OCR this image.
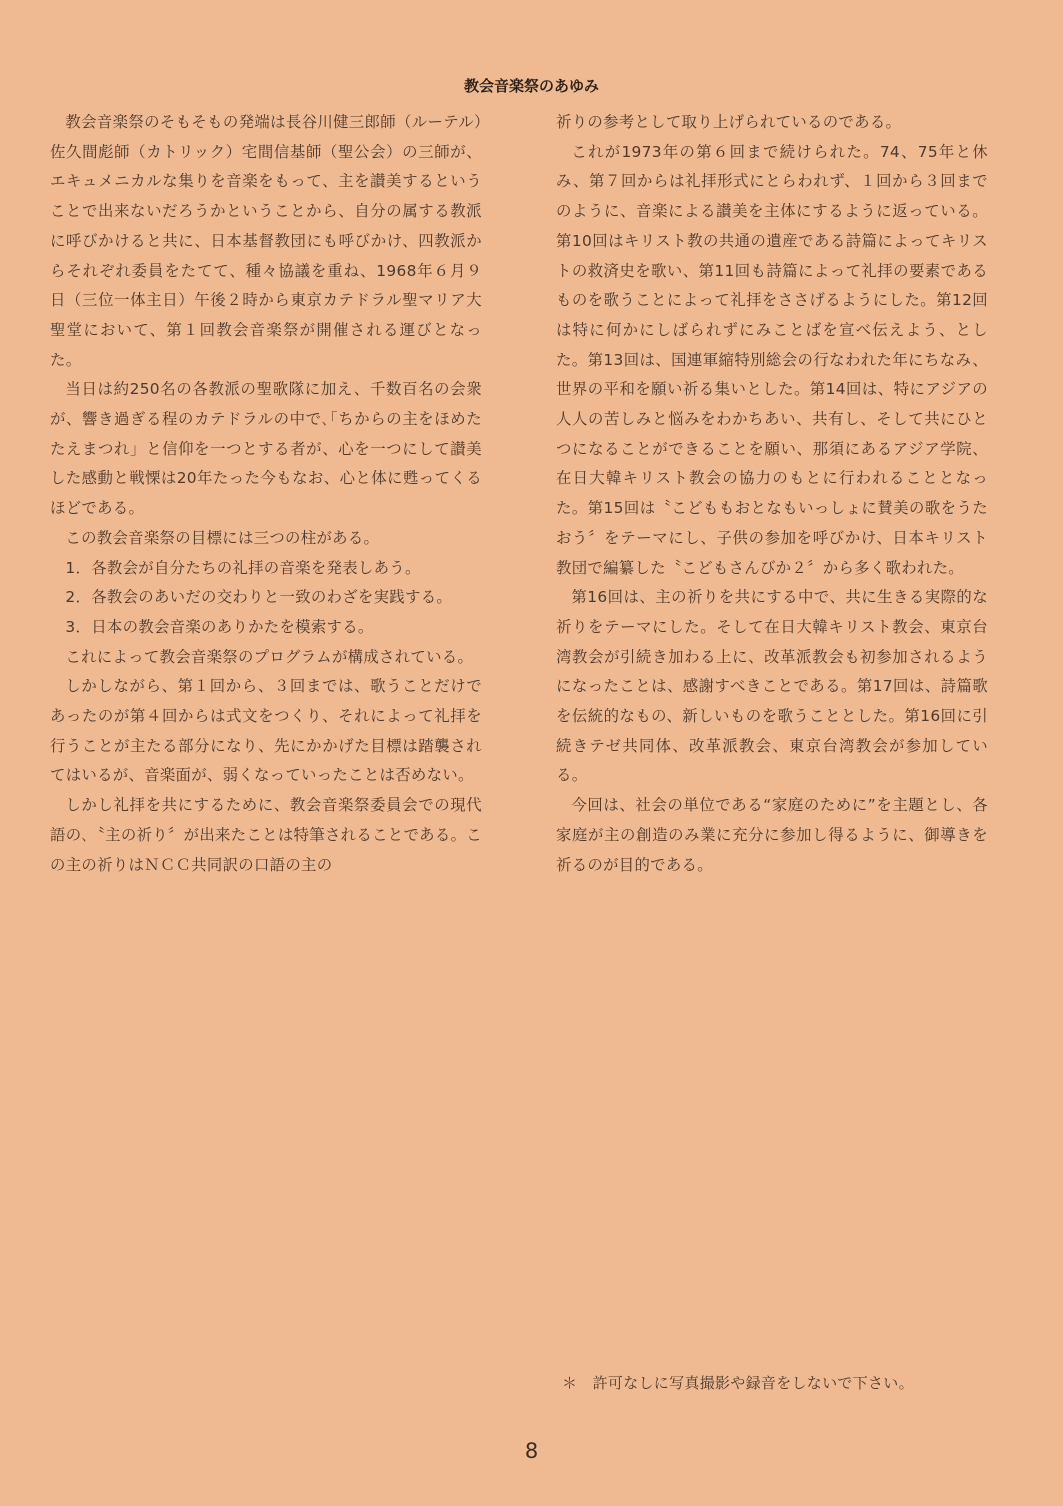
教会音楽祭のあゆみ

教会音楽祭のそもそもの発端は長谷川健三郎師（ルーテル）佐久間彪師（カトリック）宅間信基師（聖公会）の三師が、エキュメニカルな集りを音楽をもって、主を讃美するということで出来ないだろうかということから、自分の属する教派に呼びかけると共に、日本基督教団にも呼びかけ、四教派からそれぞれ委員をたてて、種々協議を重ね、1968年６月９日（三位一体主日）午後２時から東京カテドラル聖マリア大聖堂において、第１回教会音楽祭が開催される運びとなった。

当日は約250名の各教派の聖歌隊に加え、千数百名の会衆が、響き過ぎる程のカテドラルの中で､｢ちからの主をほめたたえまつれ」と信仰を一つとする者が、心を一つにして讃美した感動と戦慄は20年たった今もなお、心と体に甦ってくるほどである。

この教会音楽祭の目標には三つの柱がある。

1．各教会が自分たちの礼拝の音楽を発表しあう。

2．各教会のあいだの交わりと一致のわざを実践する。

3．日本の教会音楽のありかたを模索する。

これによって教会音楽祭のプログラムが構成されている。

しかしながら、第１回から、３回までは、歌うことだけであったのが第４回からは式文をつくり、それによって礼拝を行うことが主たる部分になり、先にかかげた目標は踏襲されてはいるが、音楽面が、弱くなっていったことは否めない。

しかし礼拝を共にするために、教会音楽祭委員会での現代語の､〝主の祈り〞が出来たことは特筆されることである。この主の祈りはＮＣＣ共同訳の口語の主の

祈りの参考として取り上げられているのである。

これが1973年の第６回まで続けられた。74、75年と休み、第７回からは礼拝形式にとらわれず、１回から３回までのように、音楽による讃美を主体にするように返っている。第10回はキリスト教の共通の遺産である詩篇によってキリストの救済史を歌い、第11回も詩篇によって礼拝の要素であるものを歌うことによって礼拝をささげるようにした。第12回は特に何かにしばられずにみことばを宣べ伝えよう、とした。第13回は、国連軍縮特別総会の行なわれた年にちなみ、世界の平和を願い祈る集いとした。第14回は、特にアジアの人人の苦しみと悩みをわかちあい、共有し、そして共にひとつになることができることを願い、那須にあるアジア学院、在日大韓キリスト教会の協力のもとに行われることとなった。第15回は〝こどももおとなもいっしょに賛美の歌をうたおう〞をテーマにし、子供の参加を呼びかけ、日本キリスト教団で編纂した〝こどもさんびか２〞から多く歌われた。

第16回は、主の祈りを共にする中で、共に生きる実際的な祈りをテーマにした。そして在日大韓キリスト教会、東京台湾教会が引続き加わる上に、改革派教会も初参加されるようになったことは、感謝すべきことである。第17回は、詩篇歌を伝統的なもの、新しいものを歌うこととした。第16回に引続きテゼ共同体、改革派教会、東京台湾教会が参加している。

今回は、社会の単位である“家庭のために”を主題とし、各家庭が主の創造のみ業に充分に参加し得るように、御導きを祈るのが目的である。

＊　許可なしに写真撮影や録音をしないで下さい。
8
